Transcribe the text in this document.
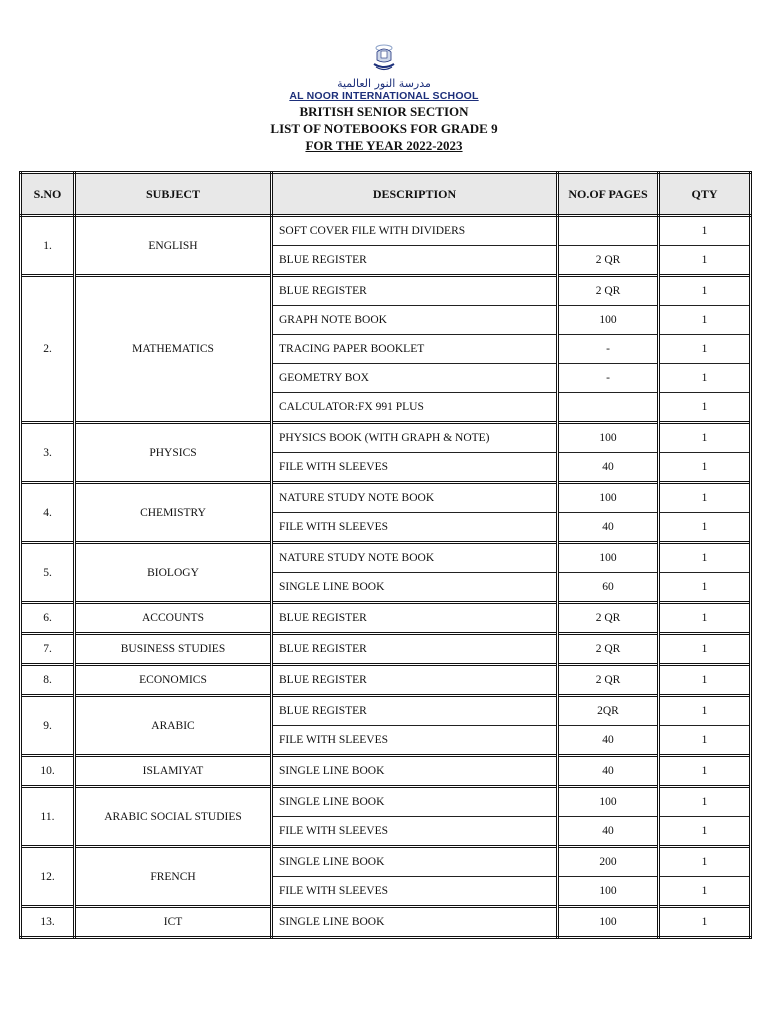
مدرسة النور العالمية
AL NOOR INTERNATIONAL SCHOOL
BRITISH SENIOR SECTION
LIST OF NOTEBOOKS FOR GRADE 9
FOR THE YEAR 2022-2023
S.NO	SUBJECT	DESCRIPTION	NO.OF PAGES	QTY
1.	ENGLISH	SOFT COVER FILE WITH DIVIDERS		1
		BLUE REGISTER	2 QR	1
2.	MATHEMATICS	BLUE REGISTER	2 QR	1
		GRAPH NOTE BOOK	100	1
		TRACING PAPER BOOKLET	-	1
		GEOMETRY BOX	-	1
		CALCULATOR:FX 991 PLUS		1
3.	PHYSICS	PHYSICS BOOK (WITH GRAPH & NOTE)	100	1
		FILE WITH SLEEVES	40	1
4.	CHEMISTRY	NATURE STUDY NOTE BOOK	100	1
		FILE WITH SLEEVES	40	1
5.	BIOLOGY	NATURE STUDY NOTE BOOK	100	1
		SINGLE LINE BOOK	60	1
6.	ACCOUNTS	BLUE REGISTER	2 QR	1
7.	BUSINESS STUDIES	BLUE REGISTER	2 QR	1
8.	ECONOMICS	BLUE REGISTER	2 QR	1
9.	ARABIC	BLUE REGISTER	2QR	1
		FILE WITH SLEEVES	40	1
10.	ISLAMIYAT	SINGLE LINE BOOK	40	1
11.	ARABIC SOCIAL STUDIES	SINGLE LINE BOOK	100	1
		FILE WITH SLEEVES	40	1
12.	FRENCH	SINGLE LINE BOOK	200	1
		FILE WITH SLEEVES	100	1
13.	ICT	SINGLE LINE BOOK	100	1
